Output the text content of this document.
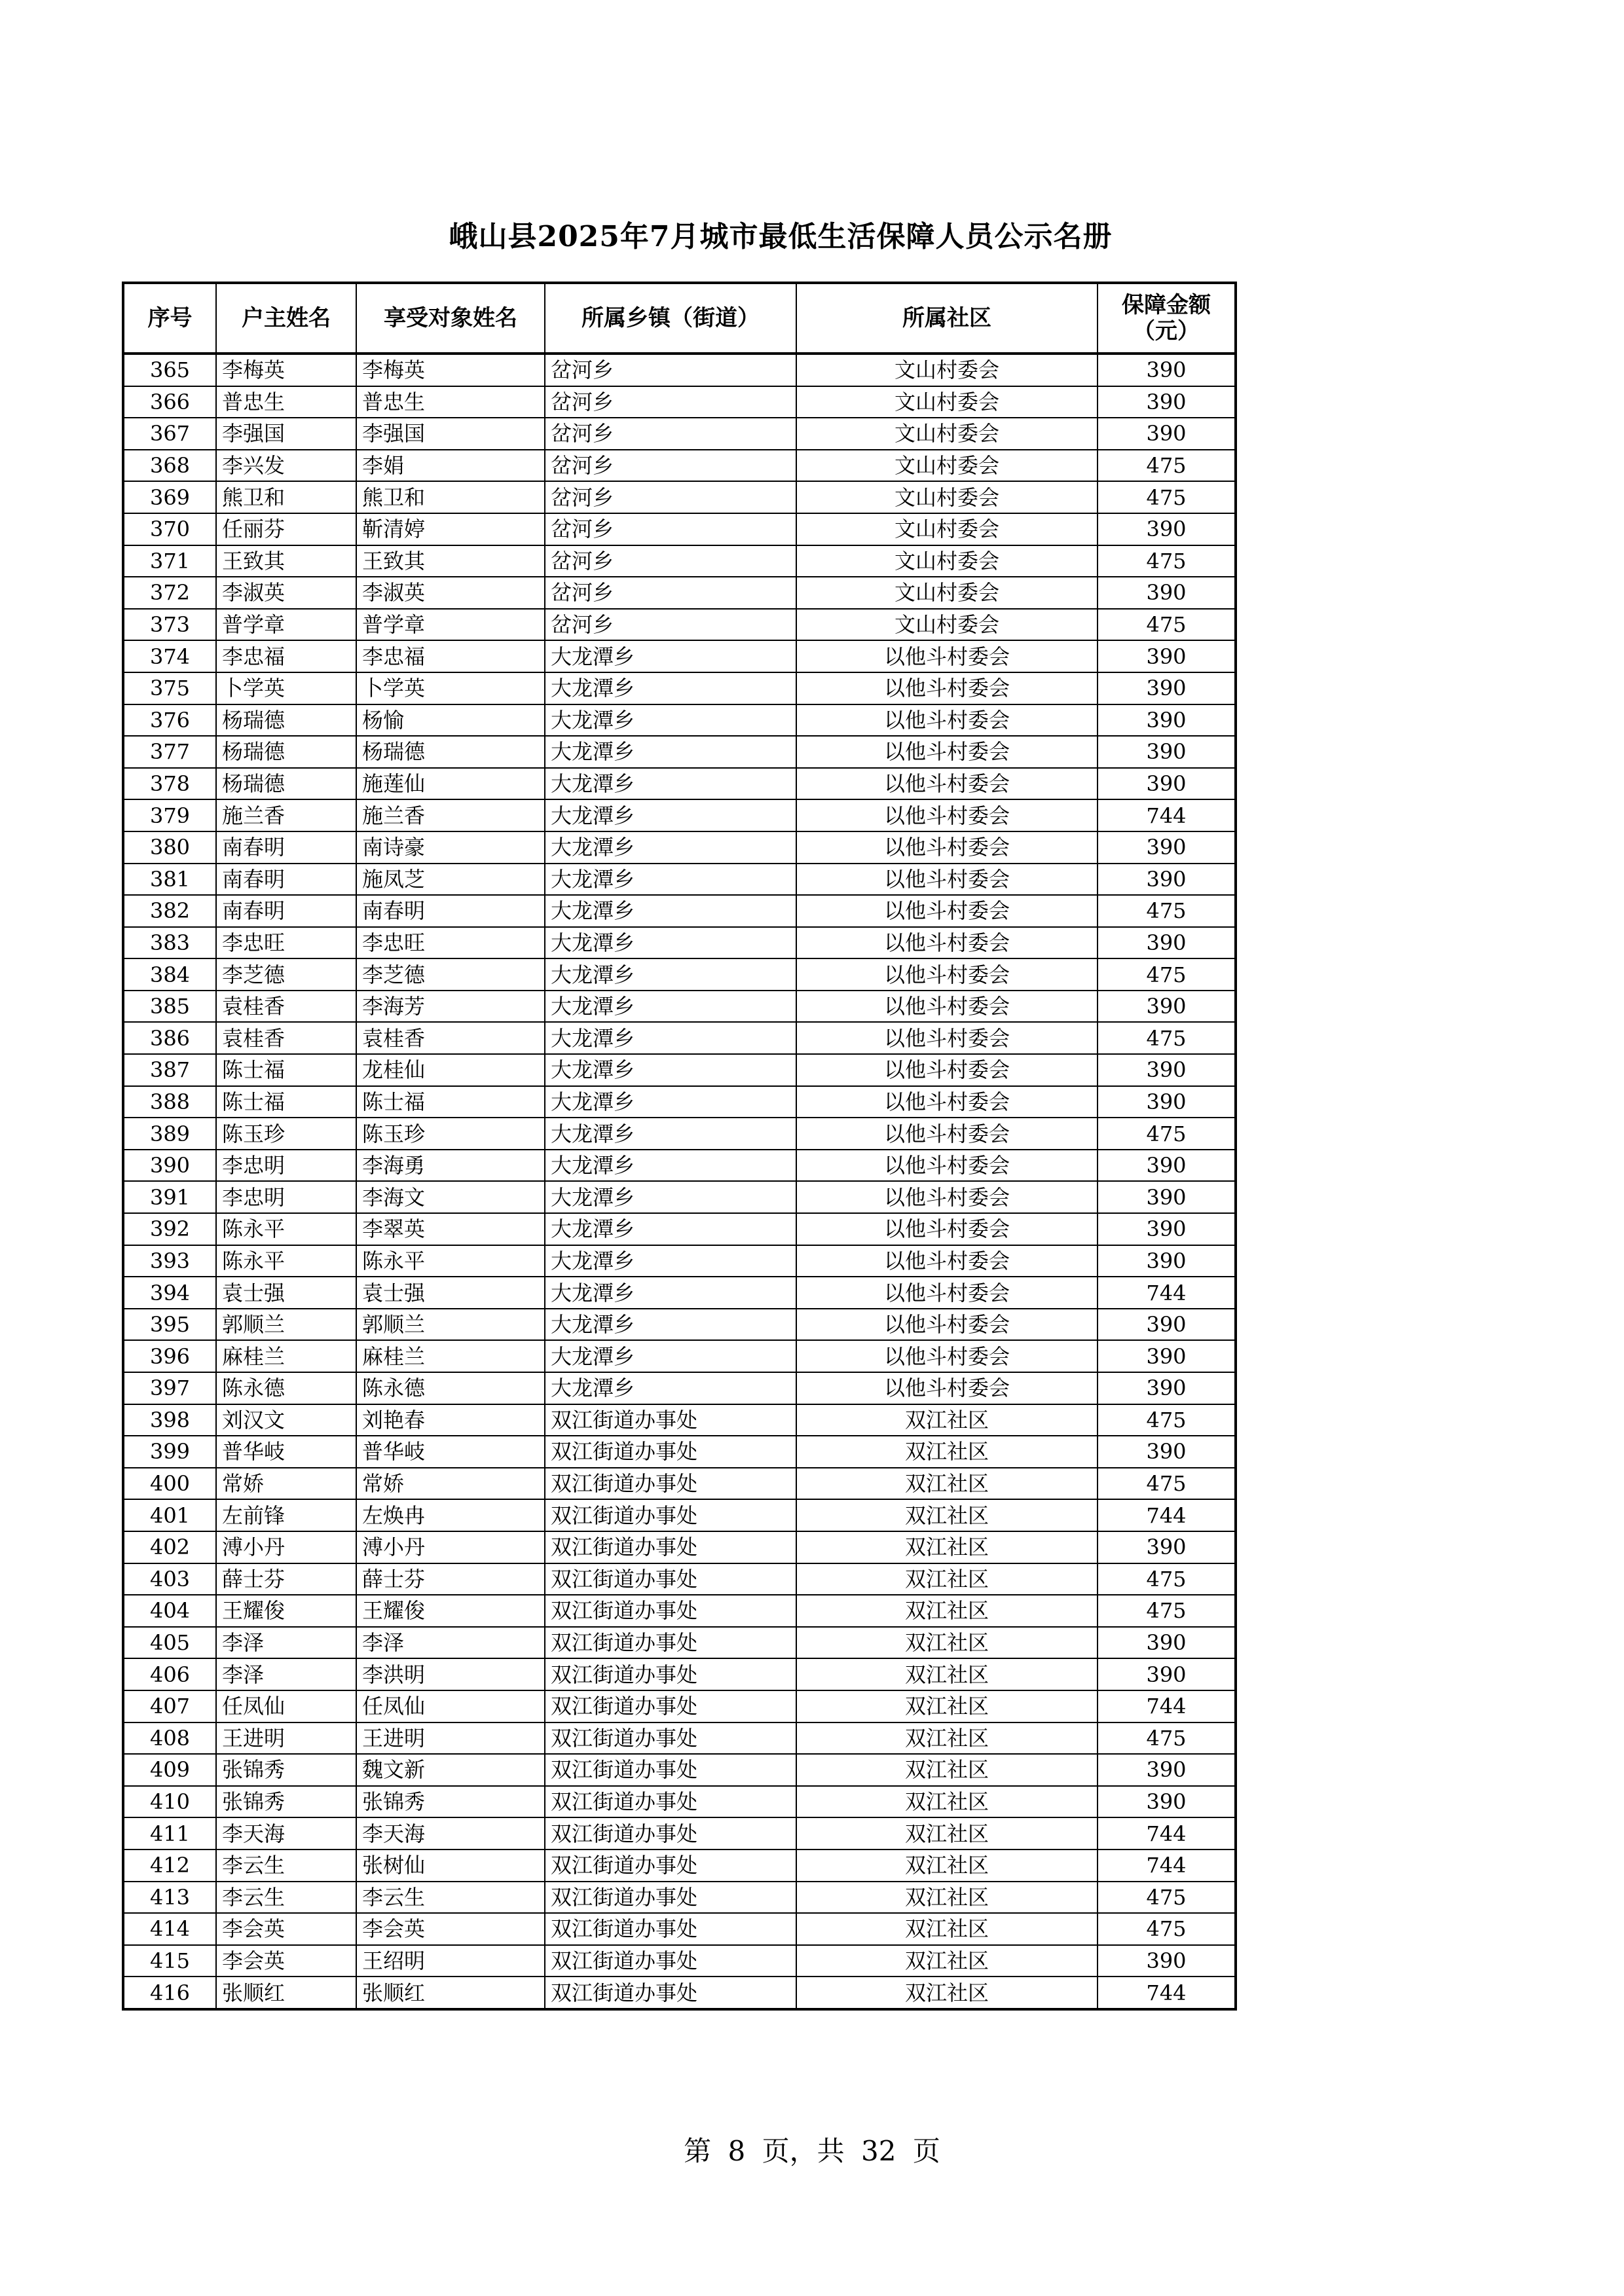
峨山县2025年7月城市最低生活保障人员公示名册
序号	户主姓名	享受对象姓名	所属乡镇（街道）	所属社区	保障金额
（元）

365	李梅英	李梅英	岔河乡	文山村委会	390
366	普忠生	普忠生	岔河乡	文山村委会	390
367	李强国	李强国	岔河乡	文山村委会	390
368	李兴发	李娟	岔河乡	文山村委会	475
369	熊卫和	熊卫和	岔河乡	文山村委会	475
370	任丽芬	靳清婷	岔河乡	文山村委会	390
371	王致其	王致其	岔河乡	文山村委会	475
372	李淑英	李淑英	岔河乡	文山村委会	390
373	普学章	普学章	岔河乡	文山村委会	475
374	李忠福	李忠福	大龙潭乡	以他斗村委会	390
375	卜学英	卜学英	大龙潭乡	以他斗村委会	390
376	杨瑞德	杨愉	大龙潭乡	以他斗村委会	390
377	杨瑞德	杨瑞德	大龙潭乡	以他斗村委会	390
378	杨瑞德	施莲仙	大龙潭乡	以他斗村委会	390
379	施兰香	施兰香	大龙潭乡	以他斗村委会	744
380	南春明	南诗豪	大龙潭乡	以他斗村委会	390
381	南春明	施凤芝	大龙潭乡	以他斗村委会	390
382	南春明	南春明	大龙潭乡	以他斗村委会	475
383	李忠旺	李忠旺	大龙潭乡	以他斗村委会	390
384	李芝德	李芝德	大龙潭乡	以他斗村委会	475
385	袁桂香	李海芳	大龙潭乡	以他斗村委会	390
386	袁桂香	袁桂香	大龙潭乡	以他斗村委会	475
387	陈士福	龙桂仙	大龙潭乡	以他斗村委会	390
388	陈士福	陈士福	大龙潭乡	以他斗村委会	390
389	陈玉珍	陈玉珍	大龙潭乡	以他斗村委会	475
390	李忠明	李海勇	大龙潭乡	以他斗村委会	390
391	李忠明	李海文	大龙潭乡	以他斗村委会	390
392	陈永平	李翠英	大龙潭乡	以他斗村委会	390
393	陈永平	陈永平	大龙潭乡	以他斗村委会	390
394	袁士强	袁士强	大龙潭乡	以他斗村委会	744
395	郭顺兰	郭顺兰	大龙潭乡	以他斗村委会	390
396	麻桂兰	麻桂兰	大龙潭乡	以他斗村委会	390
397	陈永德	陈永德	大龙潭乡	以他斗村委会	390
398	刘汉文	刘艳春	双江街道办事处	双江社区	475
399	普华岐	普华岐	双江街道办事处	双江社区	390
400	常娇	常娇	双江街道办事处	双江社区	475
401	左前锋	左焕冉	双江街道办事处	双江社区	744
402	溥小丹	溥小丹	双江街道办事处	双江社区	390
403	薛士芬	薛士芬	双江街道办事处	双江社区	475
404	王耀俊	王耀俊	双江街道办事处	双江社区	475
405	李泽	李泽	双江街道办事处	双江社区	390
406	李泽	李洪明	双江街道办事处	双江社区	390
407	任凤仙	任凤仙	双江街道办事处	双江社区	744
408	王进明	王进明	双江街道办事处	双江社区	475
409	张锦秀	魏文新	双江街道办事处	双江社区	390
410	张锦秀	张锦秀	双江街道办事处	双江社区	390
411	李天海	李天海	双江街道办事处	双江社区	744
412	李云生	张树仙	双江街道办事处	双江社区	744
413	李云生	李云生	双江街道办事处	双江社区	475
414	李会英	李会英	双江街道办事处	双江社区	475
415	李会英	王绍明	双江街道办事处	双江社区	390
416	张顺红	张顺红	双江街道办事处	双江社区	744
第 8 页，共 32 页
